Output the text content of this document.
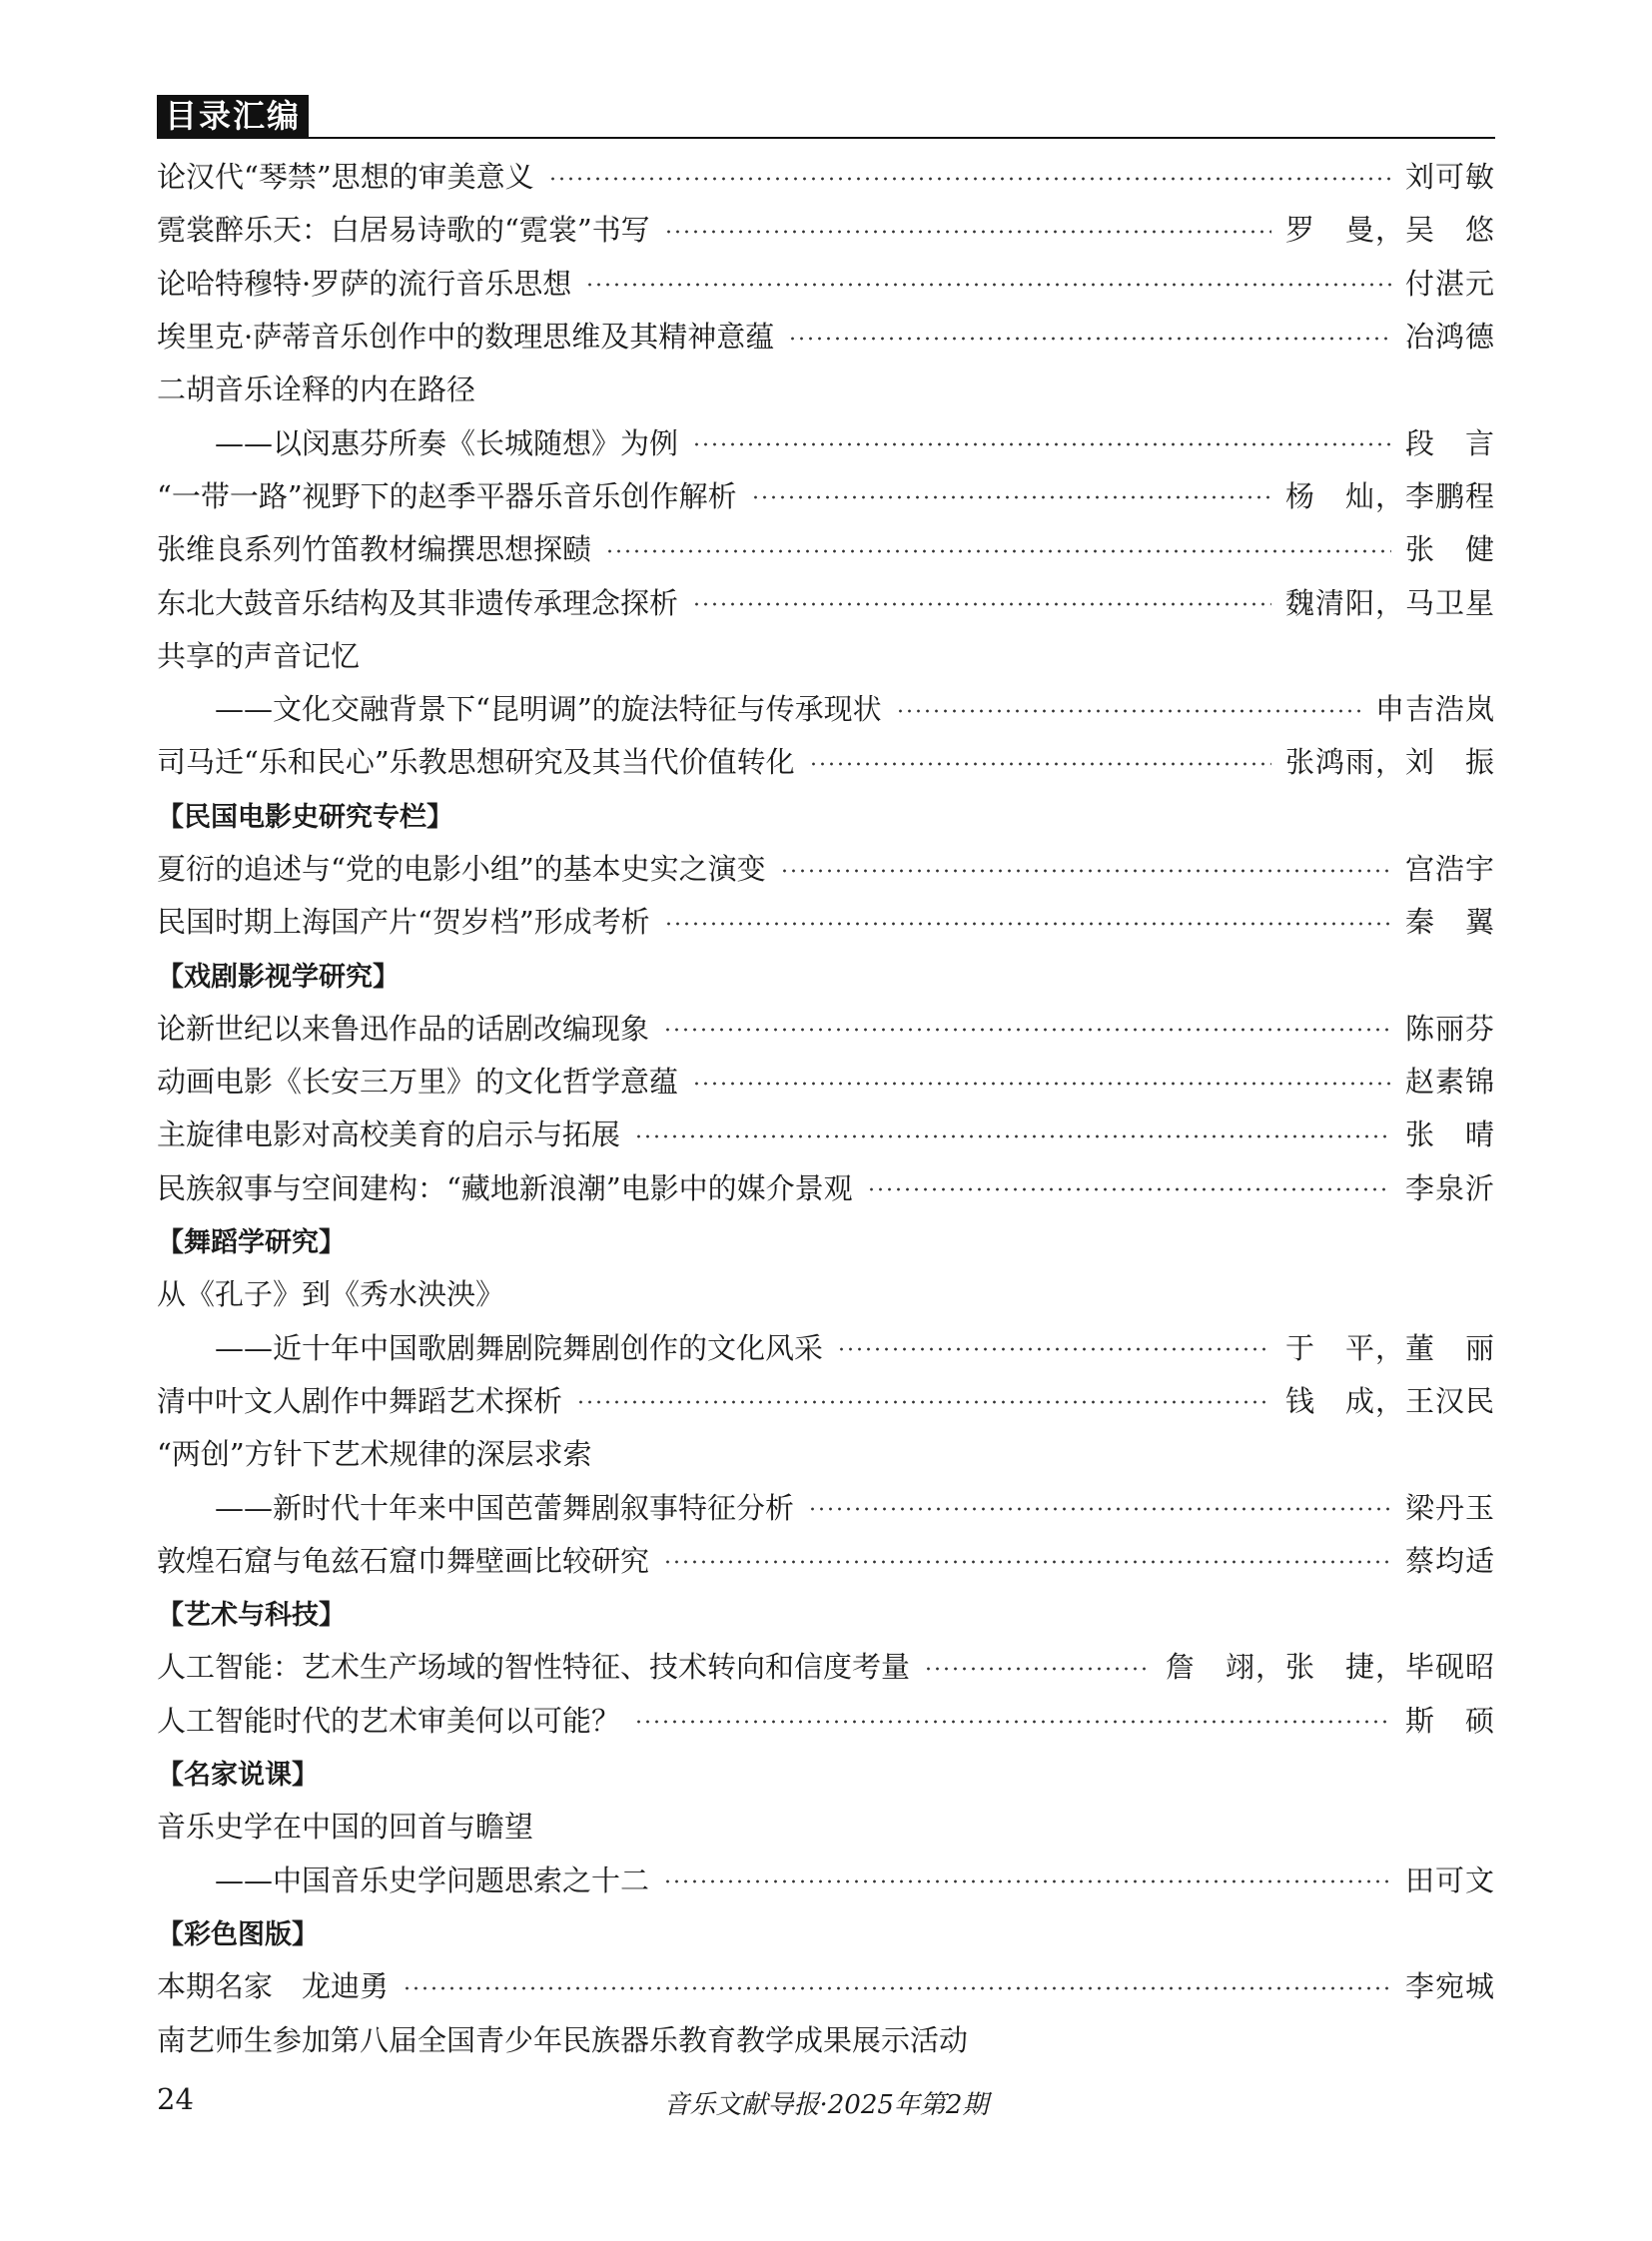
目录汇编
论汉代“琴禁”思想的审美意义	刘可敏
霓裳醉乐天：白居易诗歌的“霓裳”书写	罗　曼，吴　悠
论哈特穆特·罗萨的流行音乐思想	付湛元
埃里克·萨蒂音乐创作中的数理思维及其精神意蕴	冶鸿德
二胡音乐诠释的内在路径
——以闵惠芬所奏《长城随想》为例	段　言
“一带一路”视野下的赵季平器乐音乐创作解析	杨　灿，李鹏程
张维良系列竹笛教材编撰思想探赜	张　健
东北大鼓音乐结构及其非遗传承理念探析	魏清阳，马卫星
共享的声音记忆
——文化交融背景下“昆明调”的旋法特征与传承现状	申吉浩岚
司马迁“乐和民心”乐教思想研究及其当代价值转化	张鸿雨，刘　振
【民国电影史研究专栏】
夏衍的追述与“党的电影小组”的基本史实之演变	宫浩宇
民国时期上海国产片“贺岁档”形成考析	秦　翼
【戏剧影视学研究】
论新世纪以来鲁迅作品的话剧改编现象	陈丽芬
动画电影《长安三万里》的文化哲学意蕴	赵素锦
主旋律电影对高校美育的启示与拓展	张　晴
民族叙事与空间建构：“藏地新浪潮”电影中的媒介景观	李泉沂
【舞蹈学研究】
从《孔子》到《秀水泱泱》
——近十年中国歌剧舞剧院舞剧创作的文化风采	于　平，董　丽
清中叶文人剧作中舞蹈艺术探析	钱　成，王汉民
“两创”方针下艺术规律的深层求索
——新时代十年来中国芭蕾舞剧叙事特征分析	梁丹玉
敦煌石窟与龟兹石窟巾舞壁画比较研究	蔡均适
【艺术与科技】
人工智能：艺术生产场域的智性特征、技术转向和信度考量	詹　翊，张　捷，毕砚昭
人工智能时代的艺术审美何以可能？	斯　硕
【名家说课】
音乐史学在中国的回首与瞻望
——中国音乐史学问题思索之十二	田可文
【彩色图版】
本期名家　龙迪勇	李宛城
南艺师生参加第八届全国青少年民族器乐教育教学成果展示活动
24	音乐文献导报·2025年第2期
